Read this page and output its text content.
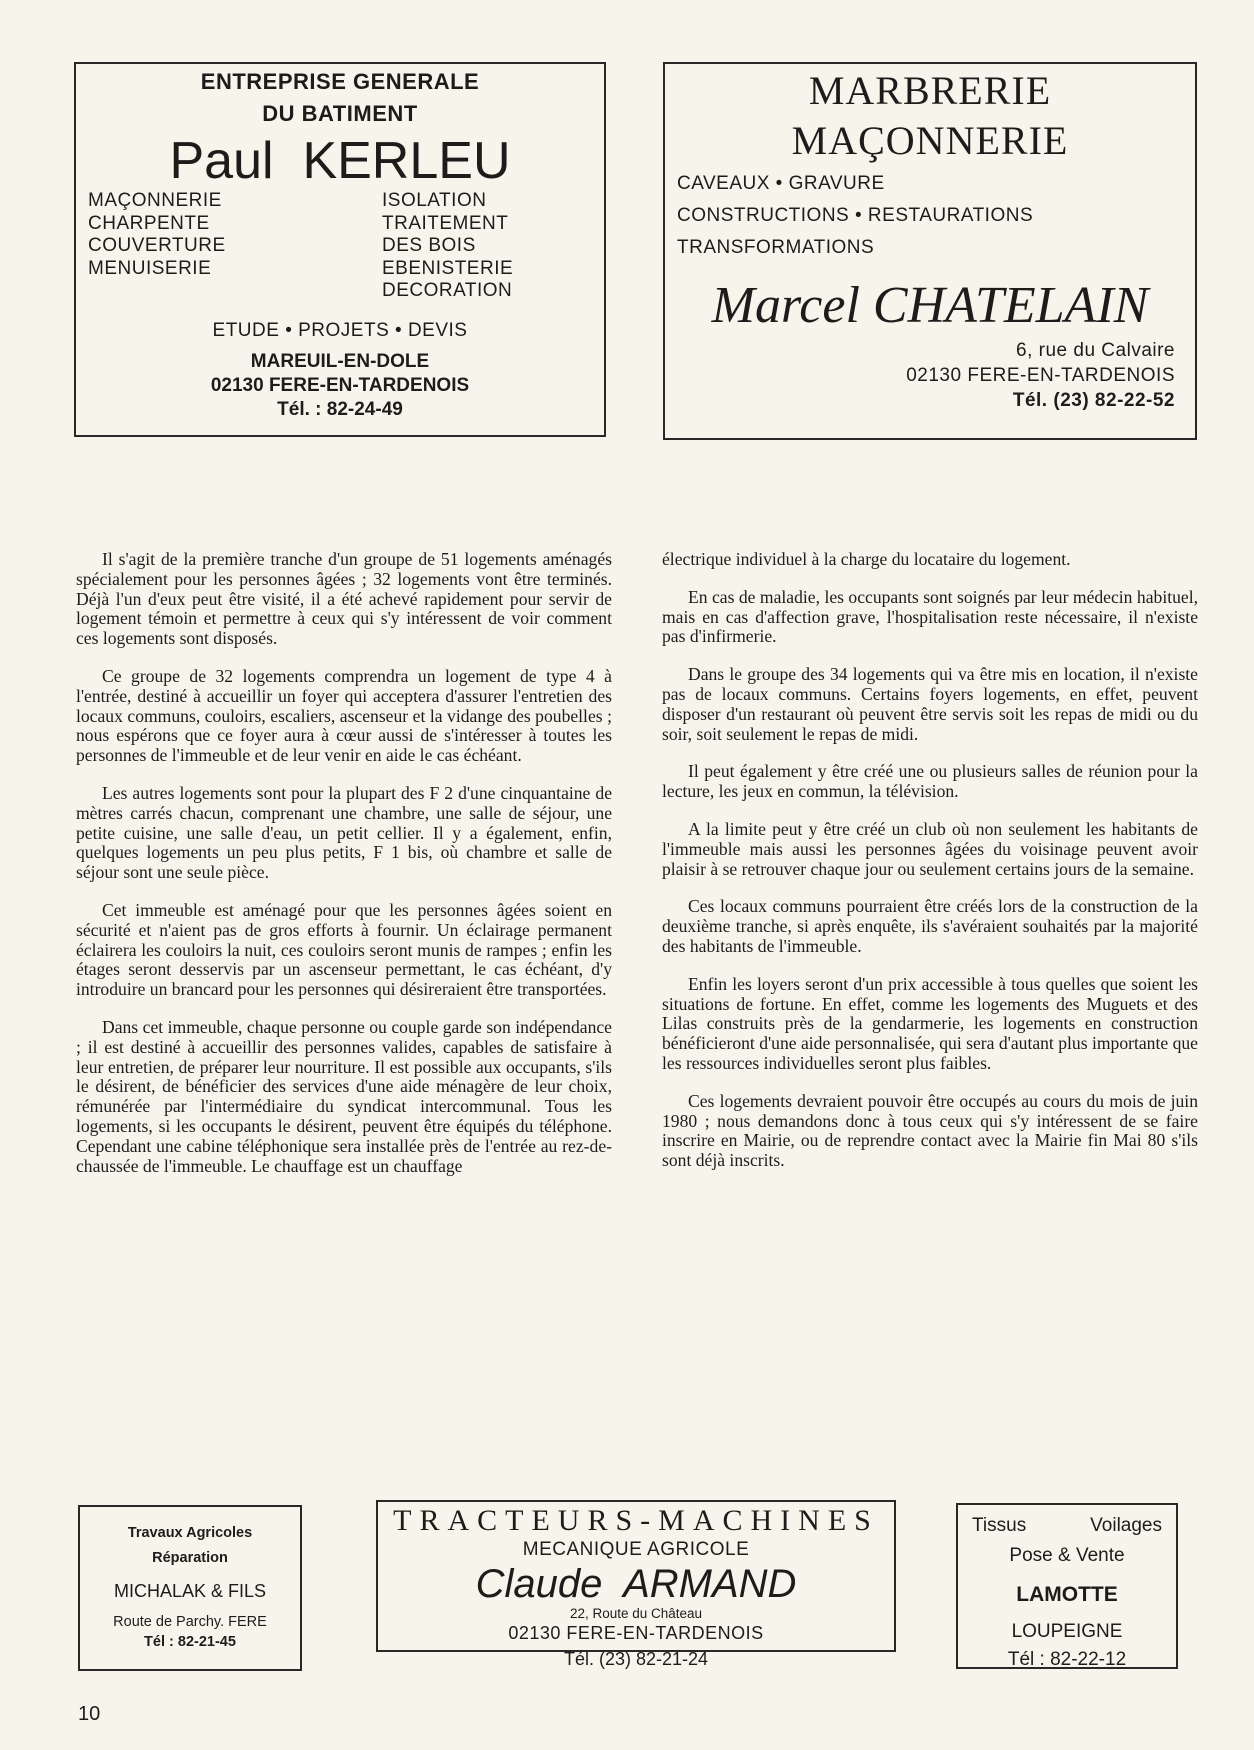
ENTREPRISE GENERALE
DU BATIMENT
Paul  KERLEU
MAÇONNERIE
CHARPENTE
COUVERTURE
MENUISERIE
ISOLATION
TRAITEMENT
DES BOIS
EBENISTERIE
DECORATION
ETUDE • PROJETS • DEVIS
MAREUIL-EN-DOLE
02130 FERE-EN-TARDENOIS
Tél. : 82-24-49
MARBRERIE
MAÇONNERIE
CAVEAUX • GRAVURE
CONSTRUCTIONS • RESTAURATIONS
TRANSFORMATIONS
Marcel CHATELAIN
6, rue du Calvaire
02130 FERE-EN-TARDENOIS
Tél. (23) 82-22-52

Il s'agit de la première tranche d'un groupe de 51 logements aménagés spécialement pour les personnes âgées ; 32 logements vont être terminés. Déjà l'un d'eux peut être visité, il a été achevé rapidement pour servir de logement témoin et permettre à ceux qui s'y intéressent de voir comment ces logements sont disposés.

Ce groupe de 32 logements comprendra un logement de type 4 à l'entrée, destiné à accueillir un foyer qui acceptera d'assurer l'entretien des locaux communs, couloirs, escaliers, ascenseur et la vidange des poubelles ; nous espérons que ce foyer aura à cœur aussi de s'intéresser à toutes les personnes de l'immeuble et de leur venir en aide le cas échéant.

Les autres logements sont pour la plupart des F 2 d'une cinquantaine de mètres carrés chacun, comprenant une chambre, une salle de séjour, une petite cuisine, une salle d'eau, un petit cellier. Il y a également, enfin, quelques logements un peu plus petits, F 1 bis, où chambre et salle de séjour sont une seule pièce.

Cet immeuble est aménagé pour que les personnes âgées soient en sécurité et n'aient pas de gros efforts à fournir. Un éclairage permanent éclairera les couloirs la nuit, ces couloirs seront munis de rampes ; enfin les étages seront desservis par un ascenseur permettant, le cas échéant, d'y introduire un brancard pour les personnes qui désireraient être transportées.

Dans cet immeuble, chaque personne ou couple garde son indépendance ; il est destiné à accueillir des personnes valides, capables de satisfaire à leur entretien, de préparer leur nourriture. Il est possible aux occupants, s'ils le désirent, de bénéficier des services d'une aide ménagère de leur choix, rémunérée par l'intermédiaire du syndicat intercommunal. Tous les logements, si les occupants le désirent, peuvent être équipés du téléphone. Cependant une cabine téléphonique sera installée près de l'entrée au rez-de-chaussée de l'immeuble. Le chauffage est un chauffage

électrique individuel à la charge du locataire du logement.

En cas de maladie, les occupants sont soignés par leur médecin habituel, mais en cas d'affection grave, l'hospitalisation reste nécessaire, il n'existe pas d'infirmerie.

Dans le groupe des 34 logements qui va être mis en location, il n'existe pas de locaux communs. Certains foyers logements, en effet, peuvent disposer d'un restaurant où peuvent être servis soit les repas de midi ou du soir, soit seulement le repas de midi.

Il peut également y être créé une ou plusieurs salles de réunion pour la lecture, les jeux en commun, la télévision.

A la limite peut y être créé un club où non seulement les habitants de l'immeuble mais aussi les personnes âgées du voisinage peuvent avoir plaisir à se retrouver chaque jour ou seulement certains jours de la semaine.

Ces locaux communs pourraient être créés lors de la construction de la deuxième tranche, si après enquête, ils s'avéraient souhaités par la majorité des habitants de l'immeuble.

Enfin les loyers seront d'un prix accessible à tous quelles que soient les situations de fortune. En effet, comme les logements des Muguets et des Lilas construits près de la gendarmerie, les logements en construction bénéficieront d'une aide personnalisée, qui sera d'autant plus importante que les ressources individuelles seront plus faibles.

Ces logements devraient pouvoir être occupés au cours du mois de juin 1980 ; nous demandons donc à tous ceux qui s'y intéressent de se faire inscrire en Mairie, ou de reprendre contact avec la Mairie fin Mai 80 s'ils sont déjà inscrits.

Travaux Agricoles
Réparation
MICHALAK & FILS
Route de Parchy. FERE
Tél : 82-21-45
TRACTEURS-MACHINES
MECANIQUE AGRICOLE
Claude  ARMAND
22, Route du Château
02130 FERE-EN-TARDENOIS
Tél. (23) 82-21-24
Tissus	Voilages
Pose & Vente
LAMOTTE
LOUPEIGNE
Tél : 82-22-12
10
